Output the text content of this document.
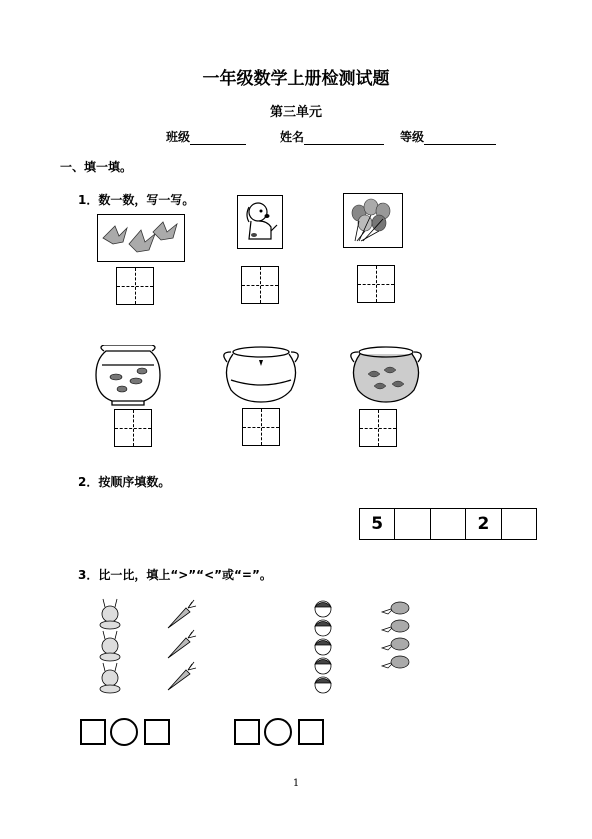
一年级数学上册检测试题
第三单元
班级	姓名	等级
一、填一填。
1．数一数，写一写。
2．按顺序填数。
5	2
3．比一比，填上“>”“<”或“=”。
1
